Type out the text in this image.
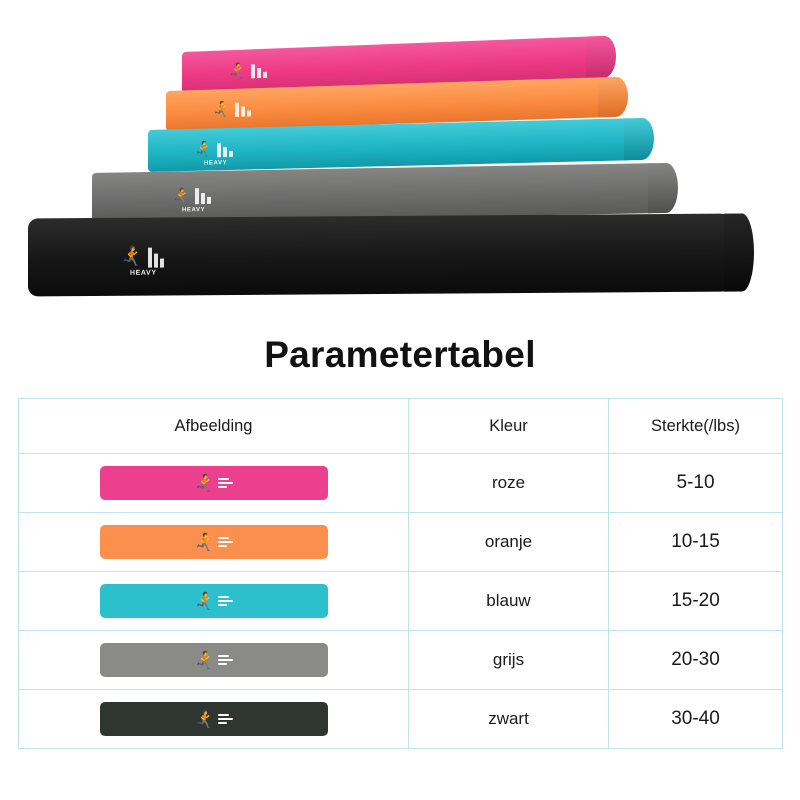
🏃
🏃
🏃
HEAVY
🏃
HEAVY
🏃
HEAVY
Parametertabel
Afbeelding	Kleur	Sterkte(/lbs)

🏃	roze	5-10

🏃	oranje	10-15

🏃	blauw	15-20

🏃	grijs	20-30

🏃	zwart	30-40
